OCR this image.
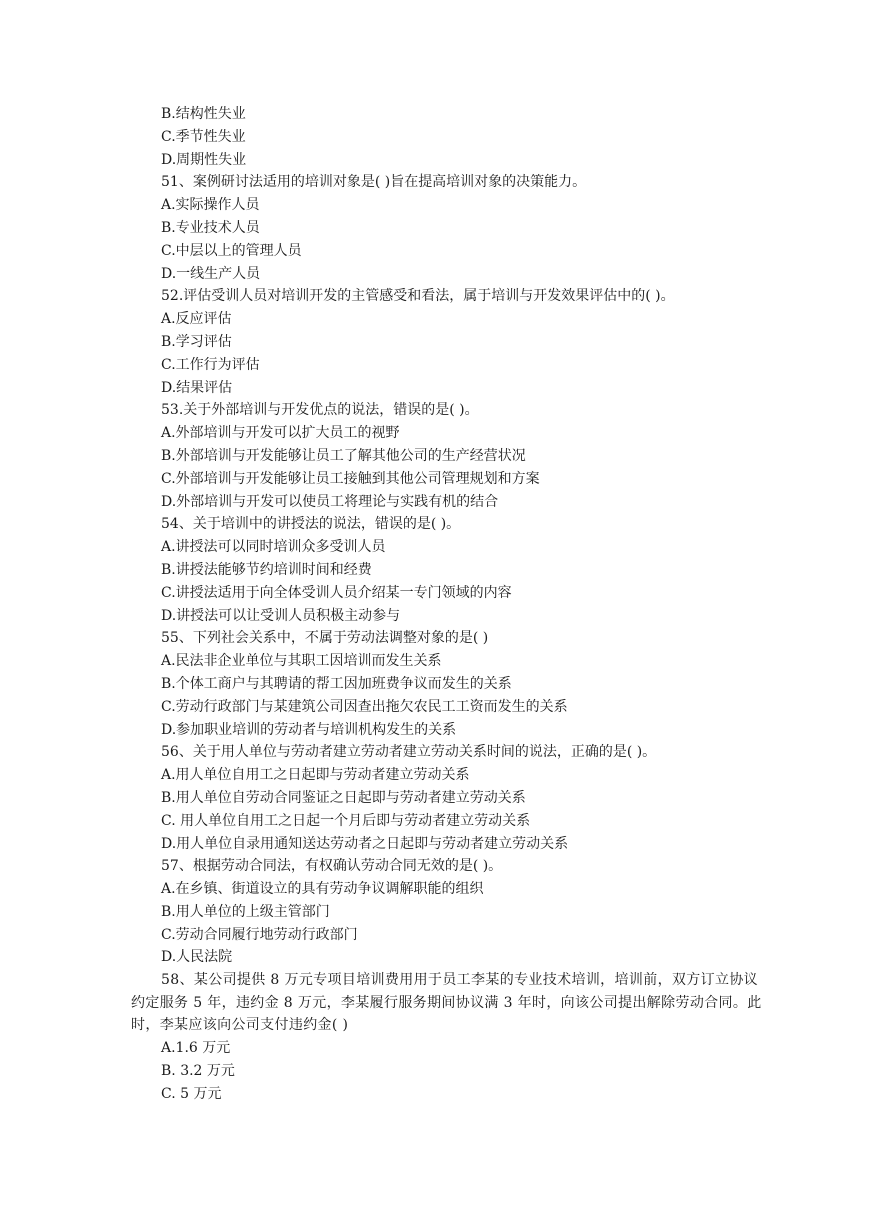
B.结构性失业
C.季节性失业
D.周期性失业
51、案例研讨法适用的培训对象是( )旨在提高培训对象的决策能力。
A.实际操作人员
B.专业技术人员
C.中层以上的管理人员
D.一线生产人员
52.评估受训人员对培训开发的主管感受和看法，属于培训与开发效果评估中的( )。
A.反应评估
B.学习评估
C.工作行为评估
D.结果评估
53.关于外部培训与开发优点的说法，错误的是( )。
A.外部培训与开发可以扩大员工的视野
B.外部培训与开发能够让员工了解其他公司的生产经营状况
C.外部培训与开发能够让员工接触到其他公司管理规划和方案
D.外部培训与开发可以使员工将理论与实践有机的结合
54、关于培训中的讲授法的说法，错误的是( )。
A.讲授法可以同时培训众多受训人员
B.讲授法能够节约培训时间和经费
C.讲授法适用于向全体受训人员介绍某一专门领域的内容
D.讲授法可以让受训人员积极主动参与
55、下列社会关系中，不属于劳动法调整对象的是( )
A.民法非企业单位与其职工因培训而发生关系
B.个体工商户与其聘请的帮工因加班费争议而发生的关系
C.劳动行政部门与某建筑公司因查出拖欠农民工工资而发生的关系
D.参加职业培训的劳动者与培训机构发生的关系
56、关于用人单位与劳动者建立劳动者建立劳动关系时间的说法，正确的是( )。
A.用人单位自用工之日起即与劳动者建立劳动关系
B.用人单位自劳动合同鉴证之日起即与劳动者建立劳动关系
C. 用人单位自用工之日起一个月后即与劳动者建立劳动关系
D.用人单位自录用通知送达劳动者之日起即与劳动者建立劳动关系
57、根据劳动合同法，有权确认劳动合同无效的是( )。
A.在乡镇、街道设立的具有劳动争议调解职能的组织
B.用人单位的上级主管部门
C.劳动合同履行地劳动行政部门
D.人民法院
58、某公司提供 8 万元专项目培训费用用于员工李某的专业技术培训，培训前，双方订立协议约定服务 5 年，违约金 8 万元，李某履行服务期间协议满 3 年时，向该公司提出解除劳动合同。此时，李某应该向公司支付违约金( )
A.1.6 万元
B. 3.2 万元
C. 5 万元
